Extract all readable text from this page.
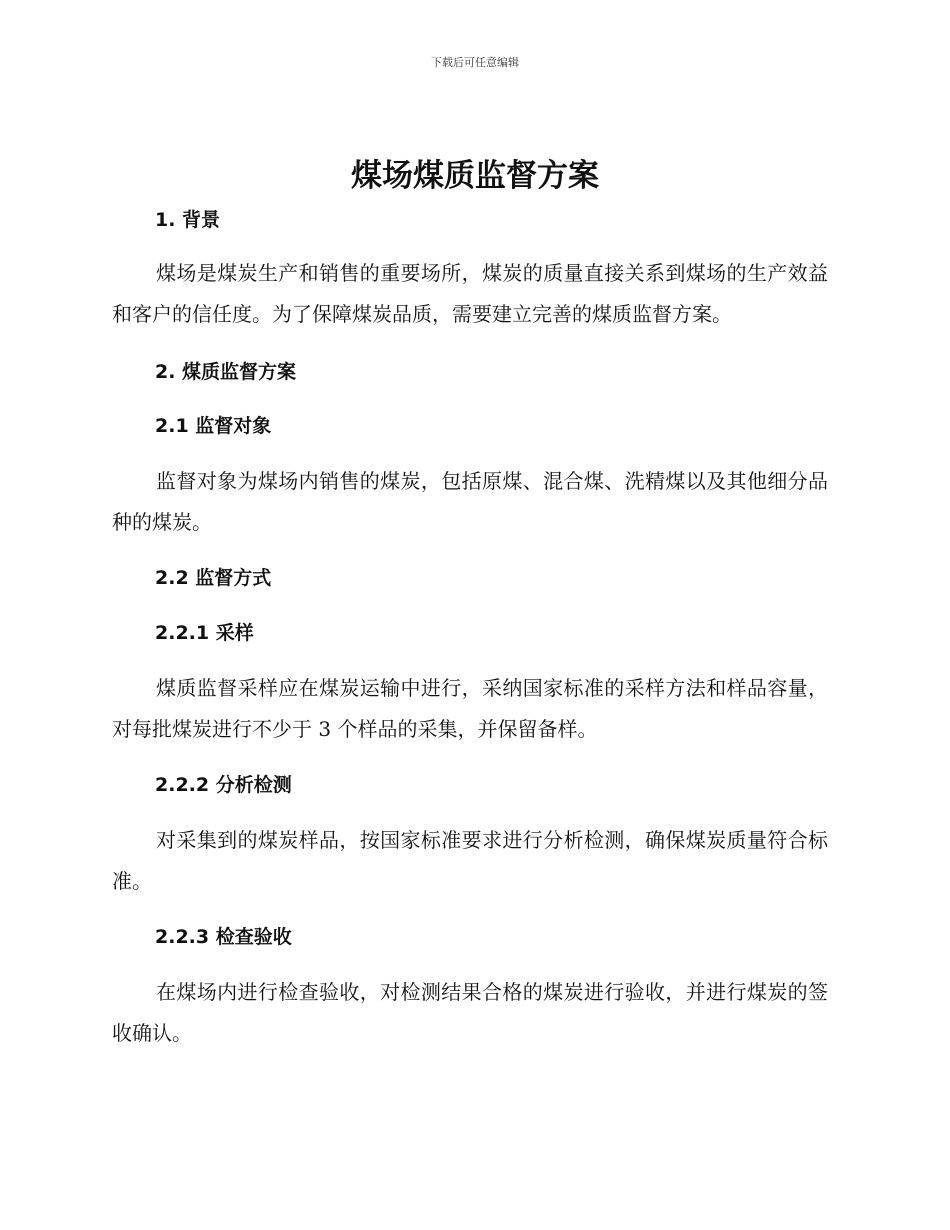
下载后可任意编辑
煤场煤质监督方案
1. 背景

煤场是煤炭生产和销售的重要场所，煤炭的质量直接关系到煤场的生产效益和客户的信任度。为了保障煤炭品质，需要建立完善的煤质监督方案。

2. 煤质监督方案
2.1 监督对象

监督对象为煤场内销售的煤炭，包括原煤、混合煤、洗精煤以及其他细分品种的煤炭。

2.2 监督方式
2.2.1 采样

煤质监督采样应在煤炭运输中进行，采纳国家标准的采样方法和样品容量，对每批煤炭进行不少于 3 个样品的采集，并保留备样。

2.2.2 分析检测

对采集到的煤炭样品，按国家标准要求进行分析检测，确保煤炭质量符合标准。

2.2.3 检查验收

在煤场内进行检查验收，对检测结果合格的煤炭进行验收，并进行煤炭的签收确认。
